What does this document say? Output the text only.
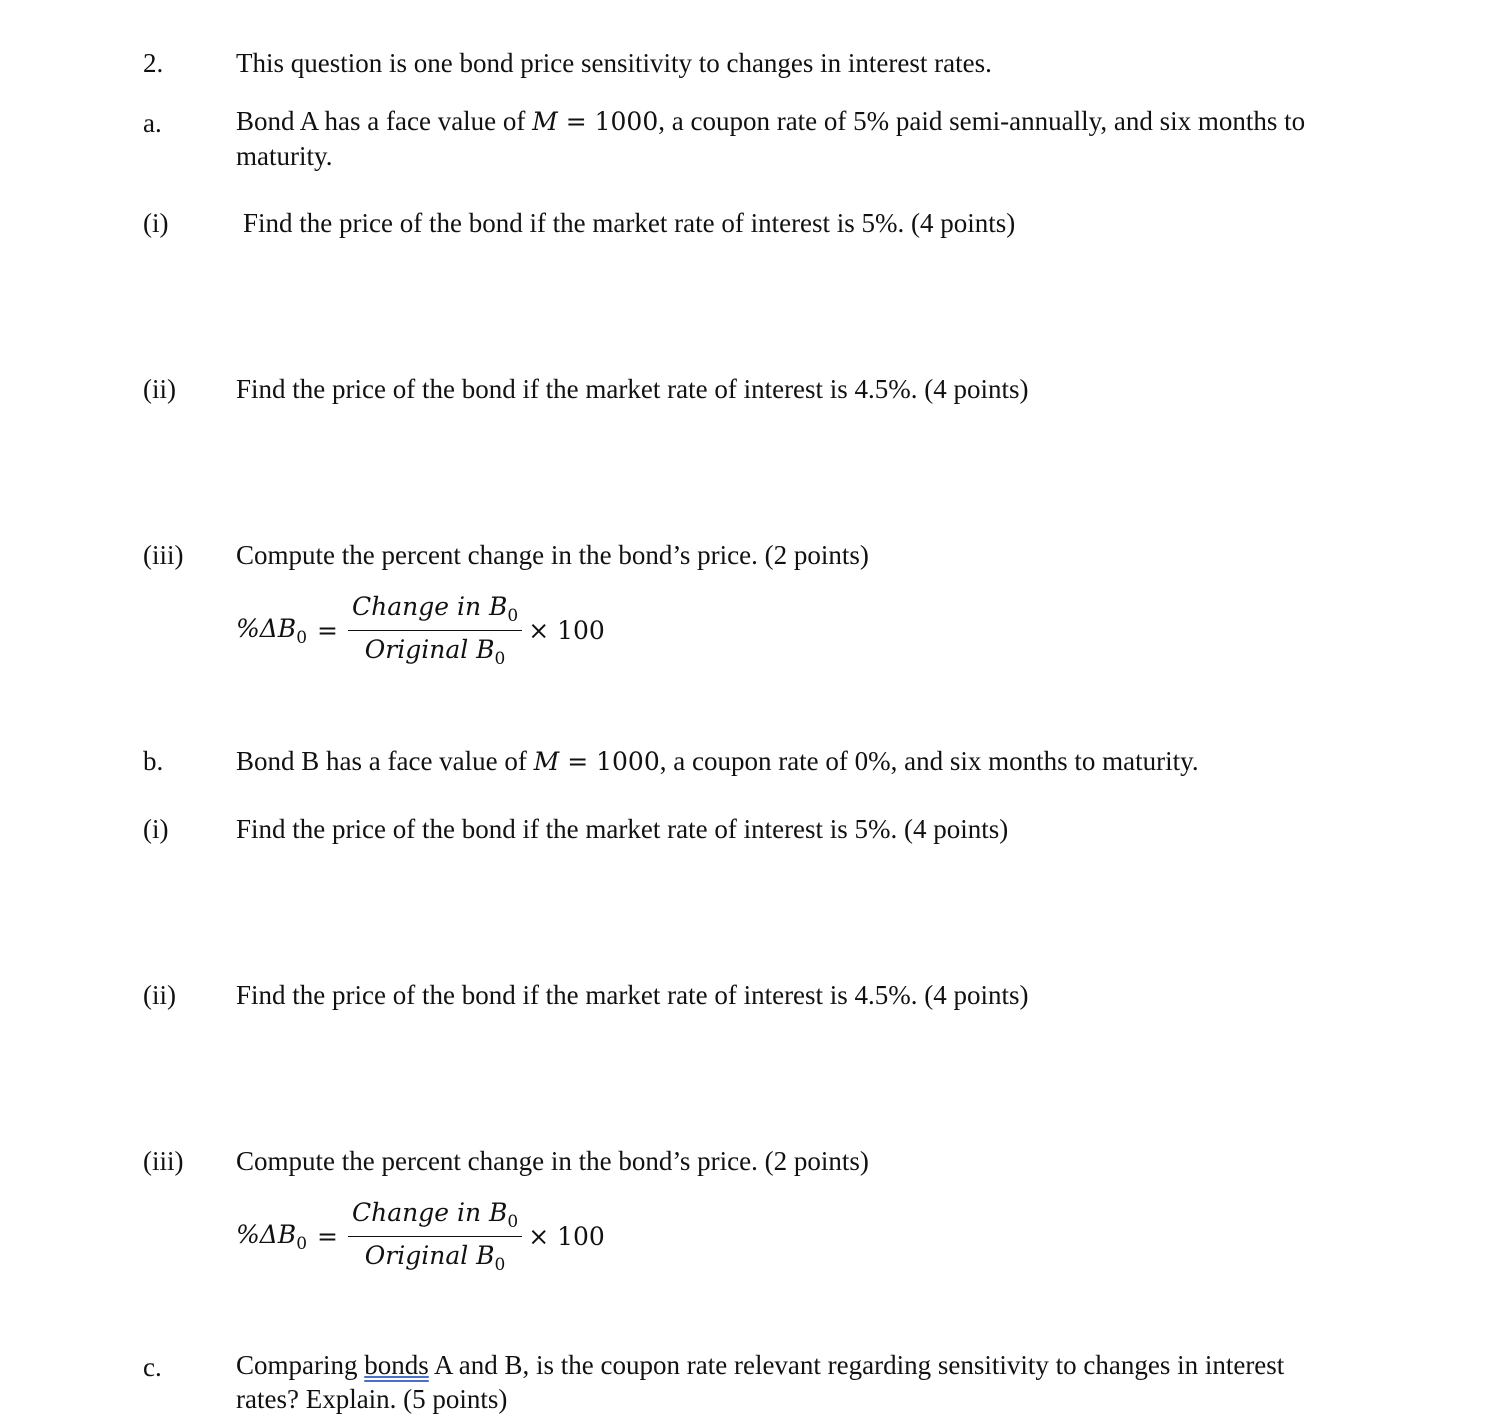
2.	This question is one bond price sensitivity to changes in interest rates.
a.	Bond A has a face value of M = 1000, a coupon rate of 5% paid semi-annually, and six months to maturity.
(i)	Find the price of the bond if the market rate of interest is 5%. (4 points)
(ii) Find the price of the bond if the market rate of interest is 4.5%. (4 points)
(iii) Compute the percent change in the bond’s price. (2 points)
$\%\Delta B_0 = \frac{Change in B_0}{Original B_0} \times 100$
b.	Bond B has a face value of M = 1000, a coupon rate of 0%, and six months to maturity.
(i)	Find the price of the bond if the market rate of interest is 5%. (4 points)
(ii) Find the price of the bond if the market rate of interest is 4.5%. (4 points)
(iii) Compute the percent change in the bond’s price. (2 points)
$\%\Delta B_0 = \frac{Change in B_0}{Original B_0} \times 100$
c.	Comparing bonds A and B, is the coupon rate relevant regarding sensitivity to changes in interest rates? Explain. (5 points)
